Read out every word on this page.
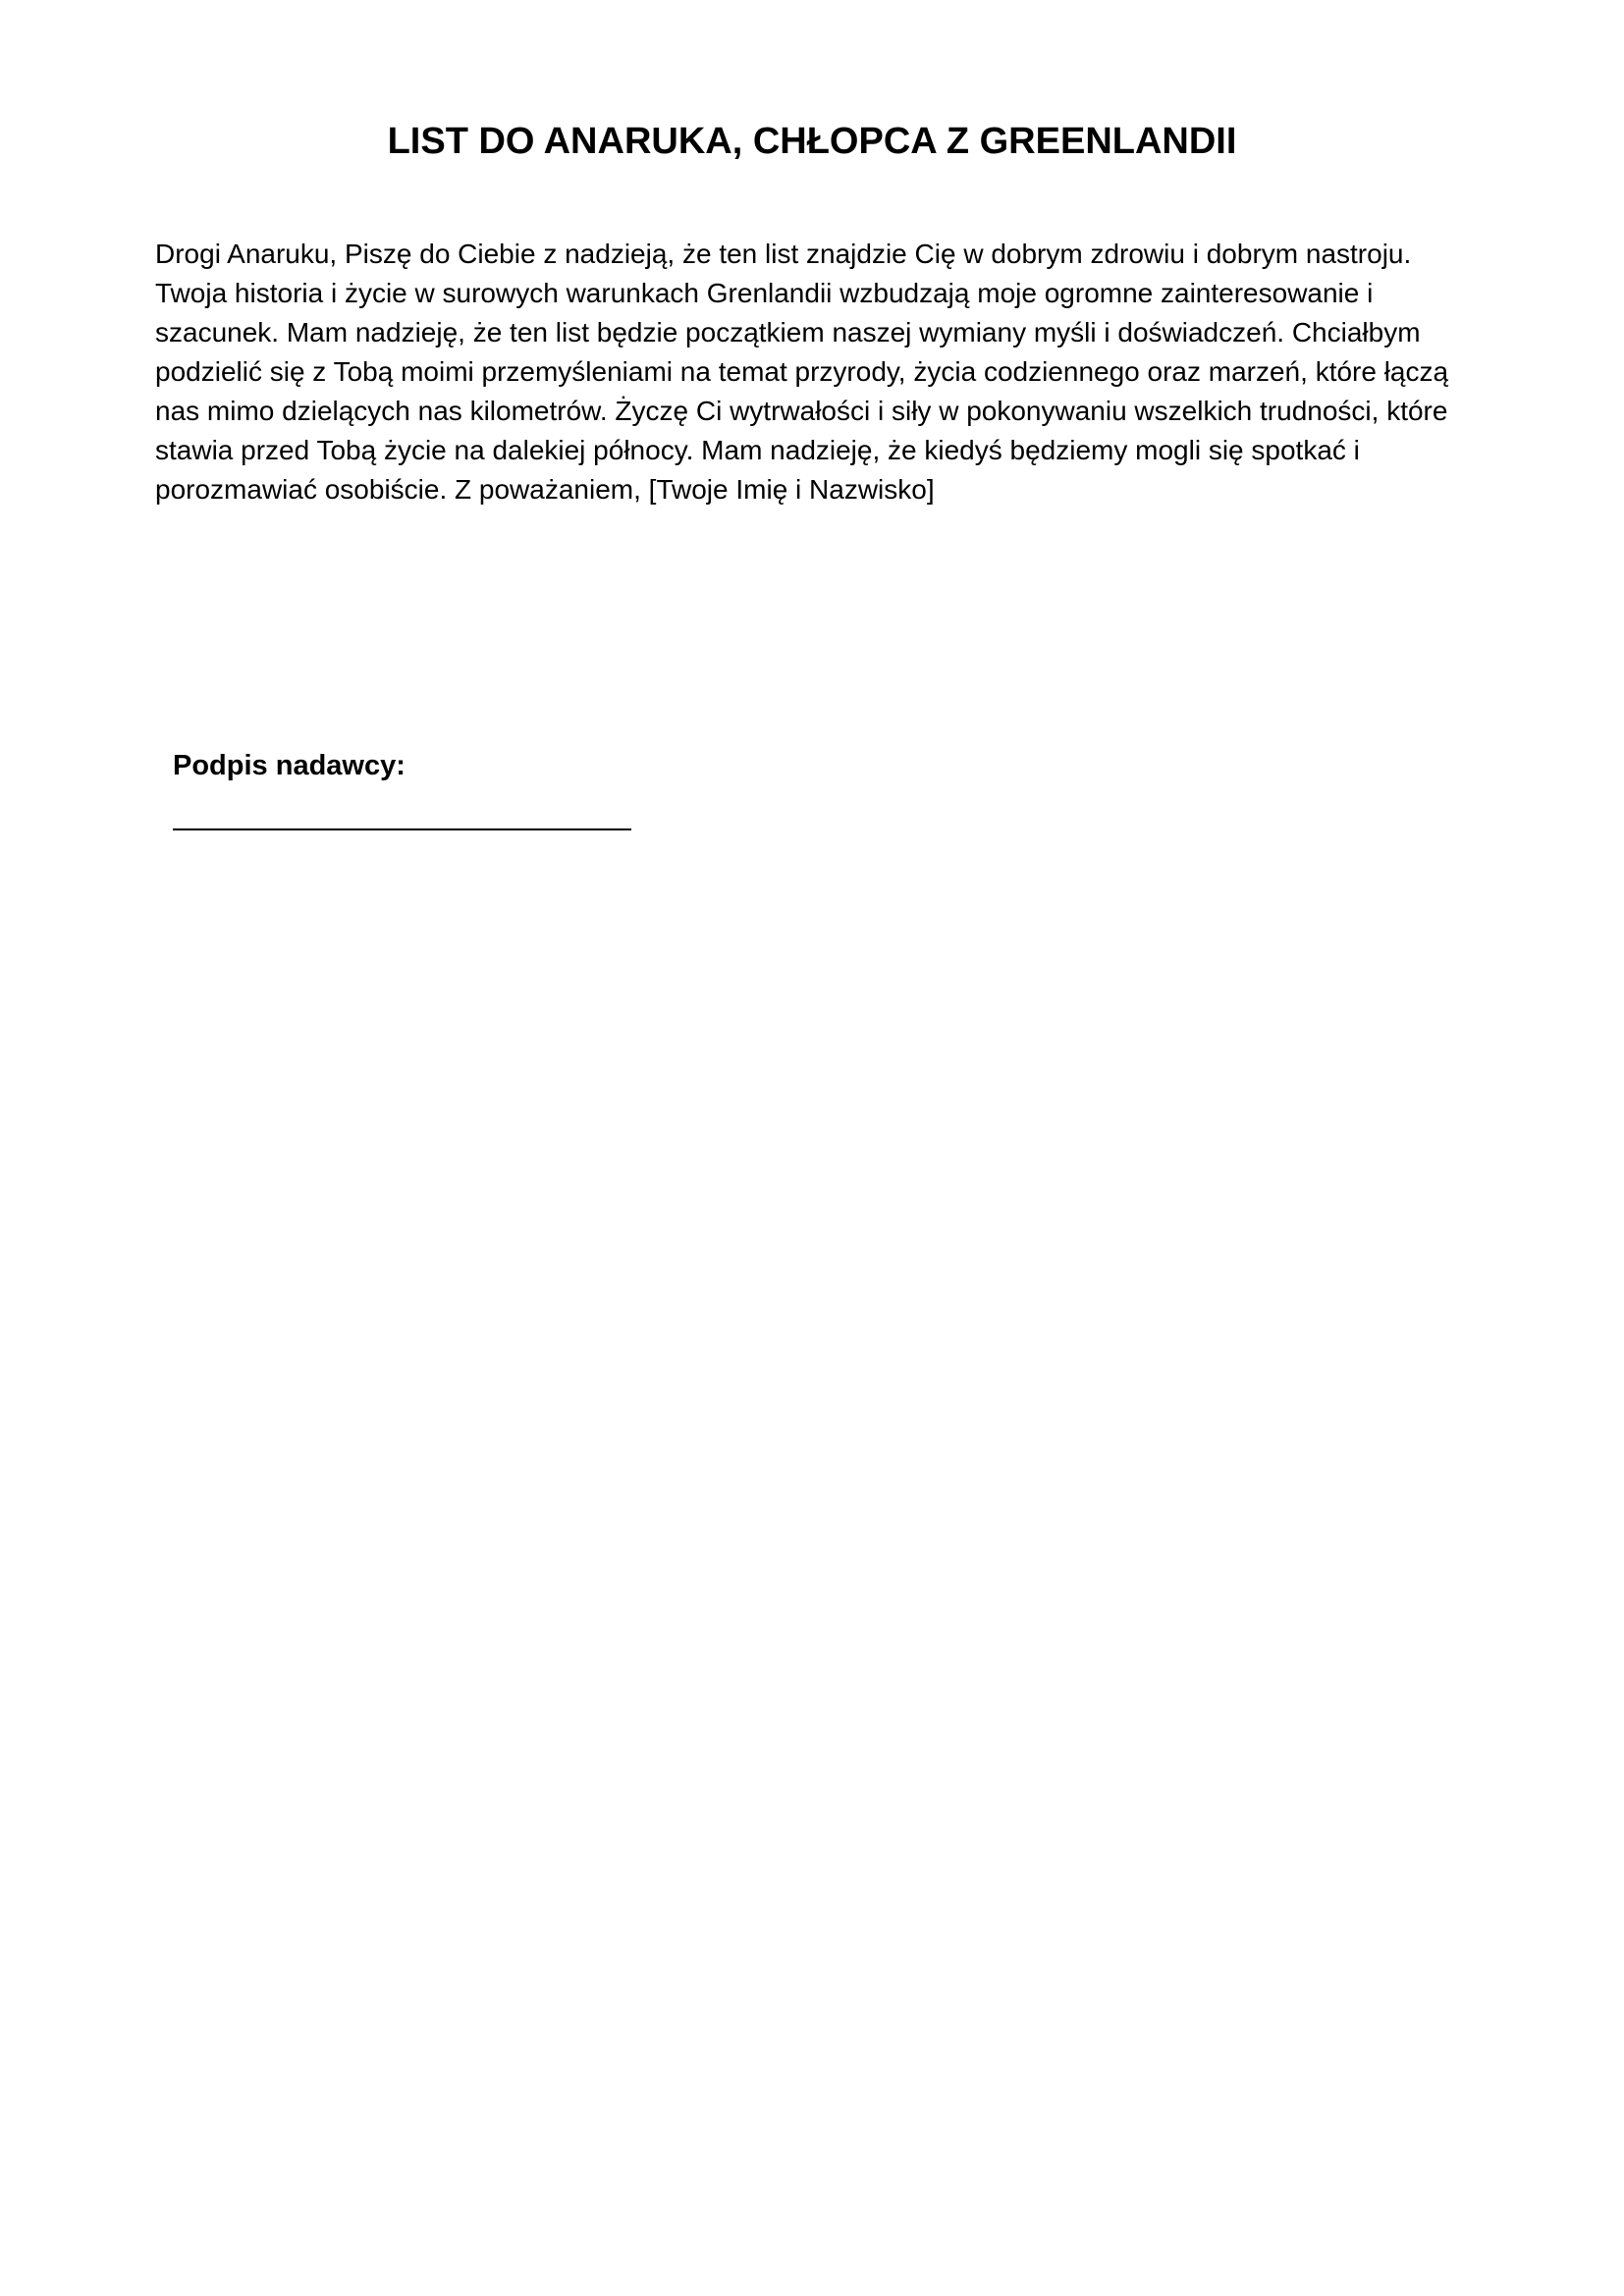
LIST DO ANARUKA, CHŁOPCA Z GREENLANDII

Drogi Anaruku, Piszę do Ciebie z nadzieją, że ten list znajdzie Cię w dobrym zdrowiu i dobrym nastroju. Twoja historia i życie w surowych warunkach Grenlandii wzbudzają moje ogromne zainteresowanie i szacunek. Mam nadzieję, że ten list będzie początkiem naszej wymiany myśli i doświadczeń. Chciałbym podzielić się z Tobą moimi przemyśleniami na temat przyrody, życia codziennego oraz marzeń, które łączą nas mimo dzielących nas kilometrów. Życzę Ci wytrwałości i siły w pokonywaniu wszelkich trudności, które stawia przed Tobą życie na dalekiej północy. Mam nadzieję, że kiedyś będziemy mogli się spotkać i porozmawiać osobiście. Z poważaniem, [Twoje Imię i Nazwisko]

Podpis nadawcy:
